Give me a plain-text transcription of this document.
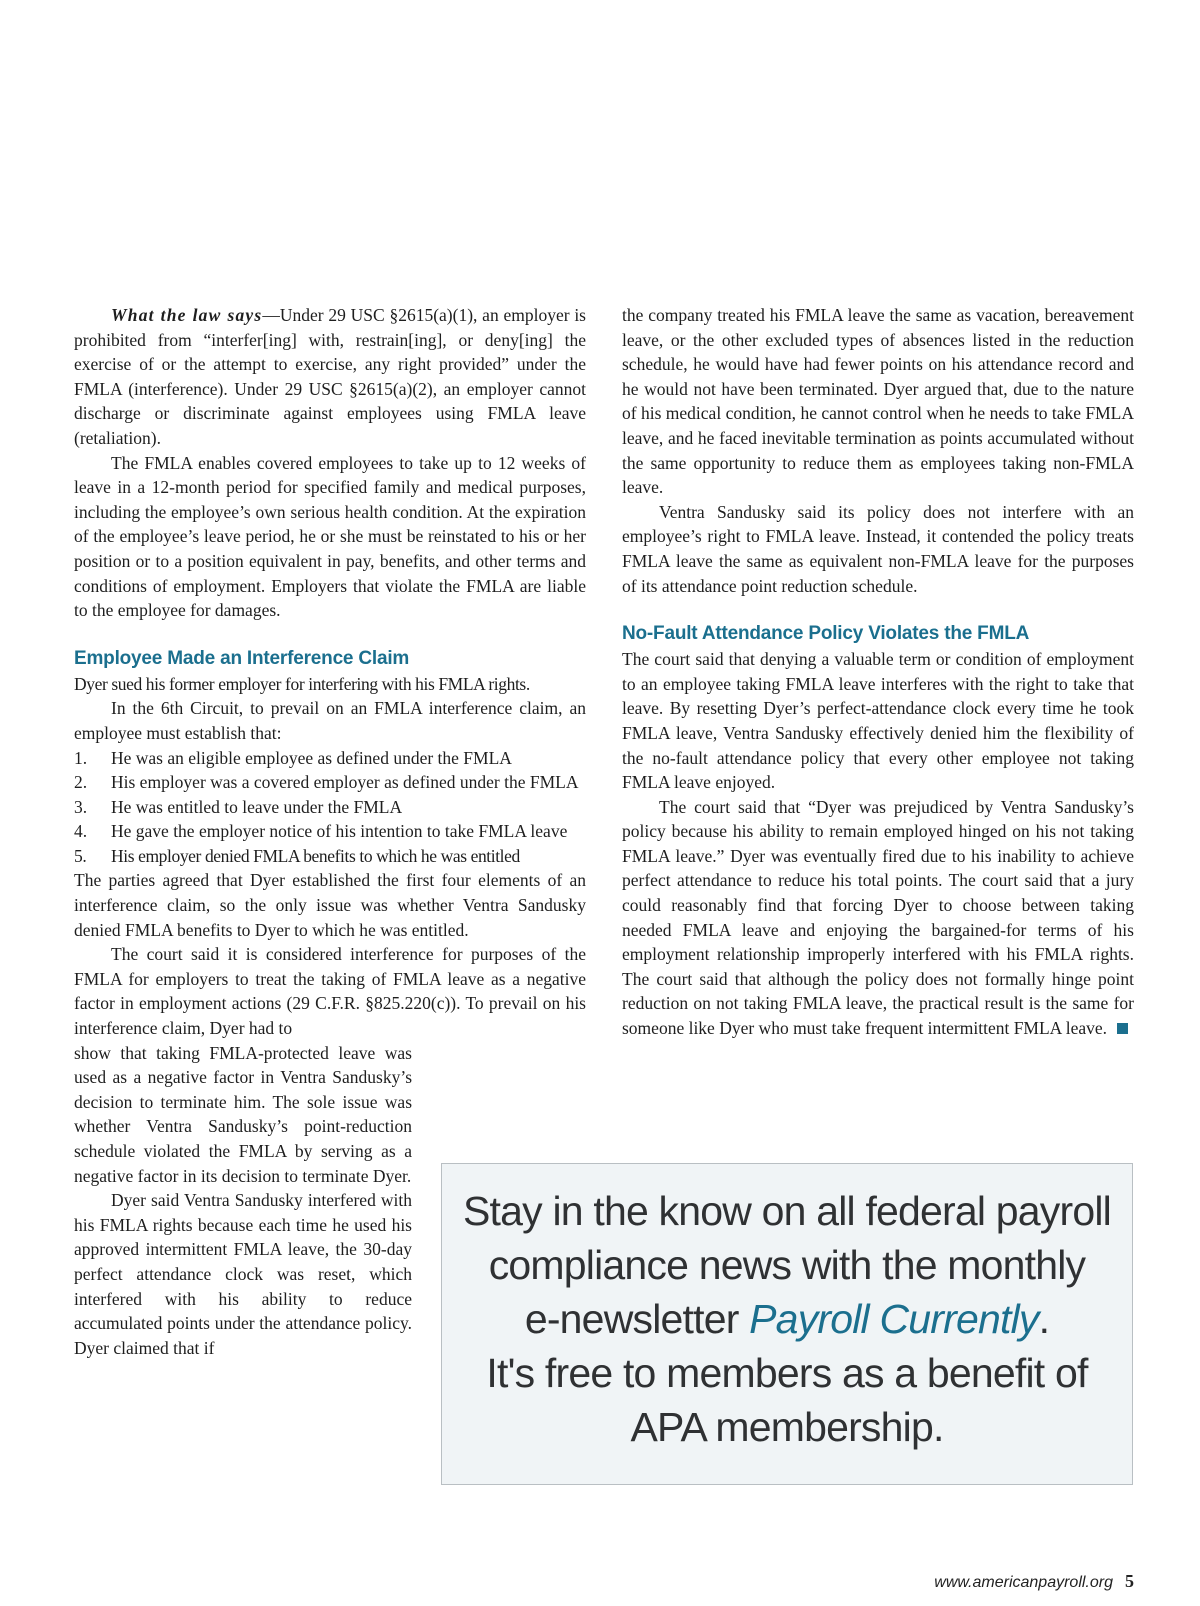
What the law says—Under 29 USC §2615(a)(1), an employer is prohibited from “interfer[ing] with, restrain[ing], or deny[ing] the exercise of or the attempt to exercise, any right provided” under the FMLA (interference). Under 29 USC §2615(a)(2), an employer cannot discharge or discriminate against employees using FMLA leave (retaliation).

The FMLA enables covered employees to take up to 12 weeks of leave in a 12-month period for specified family and medical purposes, including the employee’s own serious health condition. At the expiration of the employee’s leave period, he or she must be reinstated to his or her position or to a position equivalent in pay, benefits, and other terms and conditions of employment. Employers that violate the FMLA are liable to the employee for damages.

Employee Made an Interference Claim

Dyer sued his former employer for interfering with his FMLA rights.

In the 6th Circuit, to prevail on an FMLA interference claim, an employee must establish that:

1. He was an eligible employee as defined under the FMLA
2. His employer was a covered employer as defined under the FMLA
3. He was entitled to leave under the FMLA
4. He gave the employer notice of his intention to take FMLA leave
5. His employer denied FMLA benefits to which he was entitled

The parties agreed that Dyer established the first four elements of an interference claim, so the only issue was whether Ventra Sandusky denied FMLA benefits to Dyer to which he was entitled.

The court said it is considered interference for purposes of the FMLA for employers to treat the taking of FMLA leave as a negative factor in employment actions (29 C.F.R. §825.220(c)). To prevail on his interference claim, Dyer had to

show that taking FMLA-protected leave was used as a negative factor in Ventra Sandusky’s decision to terminate him. The sole issue was whether Ventra Sandusky’s point-reduction schedule violated the FMLA by serving as a negative factor in its decision to terminate Dyer.

Dyer said Ventra Sandusky interfered with his FMLA rights because each time he used his approved intermittent FMLA leave, the 30-day perfect attendance clock was reset, which interfered with his ability to reduce accumulated points under the attendance policy. Dyer claimed that if

the company treated his FMLA leave the same as vacation, bereavement leave, or the other excluded types of absences listed in the reduction schedule, he would have had fewer points on his attendance record and he would not have been terminated. Dyer argued that, due to the nature of his medical condition, he cannot control when he needs to take FMLA leave, and he faced inevitable termination as points accumulated without the same opportunity to reduce them as employees taking non-FMLA leave.

Ventra Sandusky said its policy does not interfere with an employee’s right to FMLA leave. Instead, it contended the policy treats FMLA leave the same as equivalent non-FMLA leave for the purposes of its attendance point reduction schedule.

No-Fault Attendance Policy Violates the FMLA

The court said that denying a valuable term or condition of employment to an employee taking FMLA leave interferes with the right to take that leave. By resetting Dyer’s perfect-attendance clock every time he took FMLA leave, Ventra Sandusky effectively denied him the flexibility of the no-fault attendance policy that every other employee not taking FMLA leave enjoyed.

The court said that “Dyer was prejudiced by Ventra Sandusky’s policy because his ability to remain employed hinged on his not taking FMLA leave.” Dyer was eventually fired due to his inability to achieve perfect attendance to reduce his total points. The court said that a jury could reasonably find that forcing Dyer to choose between taking needed FMLA leave and enjoying the bargained-for terms of his employment relationship improperly interfered with his FMLA rights. The court said that although the policy does not formally hinge point reduction on not taking FMLA leave, the practical result is the same for someone like Dyer who must take frequent intermittent FMLA leave.

Stay in the know on all federal payroll
compliance news with the monthly
e-newsletter Payroll Currently.
It's free to members as a benefit of
APA membership.
www.americanpayroll.org 5
